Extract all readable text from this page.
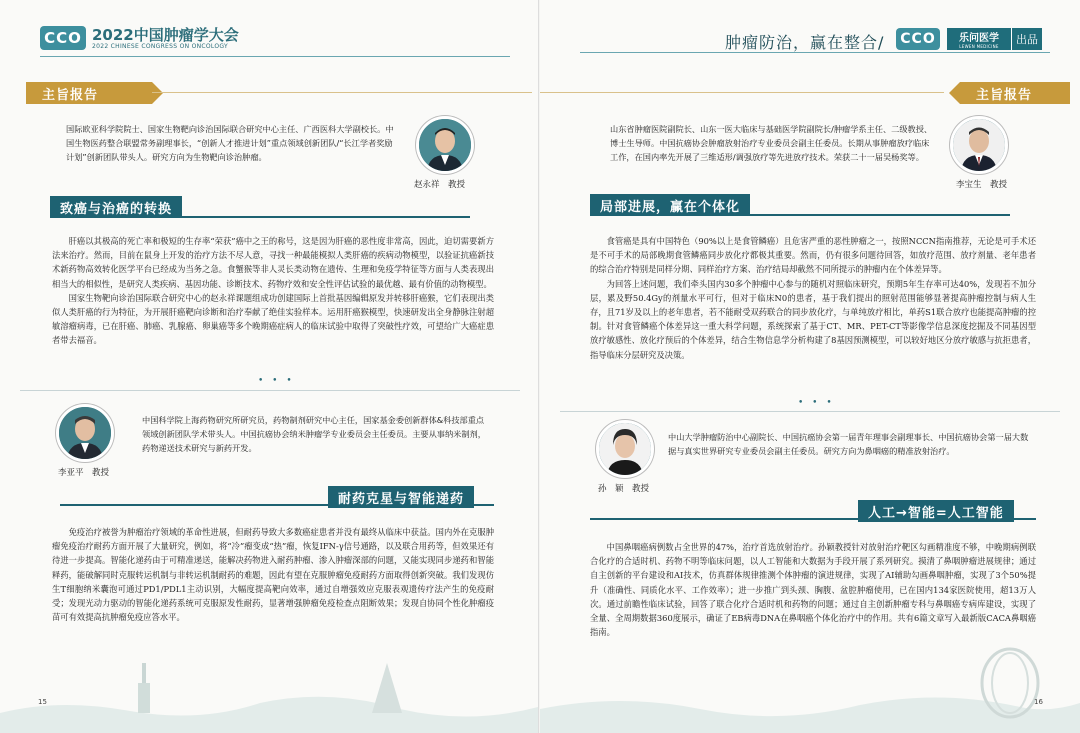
CCO 2022中国肿瘤学大会
2022 CHINESE CONGRESS ON ONCOLOGY
主旨报告
国际欧亚科学院院士、国家生物靶向诊治国际联合研究中心主任、广西医科大学副校长。中国生物医药整合联盟常务副理事长，“创新人才推进计划”重点领域创新团队/“长江学者奖励计划”创新团队带头人。研究方向为生物靶向诊治肿瘤。
赵永祥　教授
致癌与治癌的转换

肝癌以其极高的死亡率和极短的生存率“荣获”癌中之王的称号，这是因为肝癌的恶性度非常高，因此，迫切需要新方法来治疗。然而，目前在鼠身上开发的治疗方法不尽人意，寻找一种最能模拟人类肝癌的疾病动物模型，以验证抗癌新技术新药物高效转化医学平台已经成为当务之急。食蟹猴等非人灵长类动物在遗传、生理和免疫学特征等方面与人类表现出相当大的相似性，是研究人类疾病、基因功能、诊断技术、药物疗效和安全性评估试验的最优越、最有价值的动物模型。

国家生物靶向诊治国际联合研究中心的赵永祥课题组成功创建国际上首批基因编辑原发并转移肝癌猴，它们表现出类似人类肝癌的行为特征，为开展肝癌靶向诊断和治疗奉献了绝佳实验样本。运用肝癌猴模型，快速研发出全身静脉注射超敏溶瘤病毒，已在肝癌、肺癌、乳腺癌、卵巢癌等多个晚期癌症病人的临床试验中取得了突破性疗效，可望给广大癌症患者带去福音。

• • •
李亚平　教授
中国科学院上海药物研究所研究员，药物制剂研究中心主任，国家基金委创新群体&科技部重点领域创新团队学术带头人。中国抗癌协会纳米肿瘤学专业委员会主任委员。主要从事纳米制剂，药物递送技术研究与新药开发。
耐药克星与智能递药

免疫治疗被誉为肿瘤治疗领域的革命性进展，但耐药导致大多数癌症患者并没有最终从临床中获益。国内外在克服肿瘤免疫治疗耐药方面开展了大量研究，例如，将“冷”瘤变成“热”瘤，恢复IFN-γ信号通路，以及联合用药等，但效果还有待进一步提高。智能化递药由于可精准递送，能解决药物进入耐药肿瘤、渗入肿瘤深部的问题，又能实现同步递药和智能释药，能破解同时克服转运机制与非转运机制耐药的难题，因此有望在克服肿瘤免疫耐药方面取得创新突破。我们发现仿生T细胞纳米囊泡可通过PD1/PDL1主动识别，大幅度提高靶向效率，通过自增强效应克服表观遗传疗法产生的免疫耐受；发现光动力驱动的智能化递药系统可克服原发性耐药，显著增强肿瘤免疫检查点阻断效果；发现自协同个性化肿瘤疫苗可有效提高抗肿瘤免疫应答水平。

15
肿瘤防治，赢在整合/	CCO	乐问医学
LEWEN MEDICINE
出品
主旨报告
山东省肿瘤医院副院长、山东一医大临床与基础医学院副院长/肿瘤学系主任、二级教授、博士生导师。中国抗癌协会肿瘤放射治疗专业委员会副主任委员。长期从事肿瘤放疗临床工作，在国内率先开展了三维适形/调强放疗等先进放疗技术。荣获二十一届吴杨奖等。
李宝生　教授
局部进展，赢在个体化

食管癌是具有中国特色（90%以上是食管鳞癌）且危害严重的恶性肿瘤之一，按照NCCN指南推荐，无论是可手术还是不可手术的局部晚期食管鳞癌同步放化疗都极其重要。然而，仍有很多问题待回答，如放疗范围、放疗剂量、老年患者的综合治疗特别是同样分期、同样治疗方案、治疗结局却截然不同所提示的肿瘤内在个体差异等。

为回答上述问题，我们牵头国内30多个肿瘤中心参与的随机对照临床研究，预期5年生存率可达40%，发现若不加分层，累及野50.4Gy的剂量水平可行，但对于临床N0的患者，基于我们提出的照射范围能够显著提高肿瘤控制与病人生存，且71岁及以上的老年患者，若不能耐受双药联合的同步放化疗，与单纯放疗相比，单药S1联合放疗也能提高肿瘤的控制。针对食管鳞癌个体差异这一重大科学问题，系统探索了基于CT、MR、PET-CT等影像学信息深度挖掘及不同基因型放疗敏感性、放化疗预后的个体差异，结合生物信息学分析构建了8基因预测模型，可以较好地区分放疗敏感与抗拒患者，指导临床分层研究及决策。

• • •
孙　颖　教授
中山大学肿瘤防治中心副院长、中国抗癌协会第一届青年理事会副理事长、中国抗癌协会第一届大数据与真实世界研究专业委员会副主任委员。研究方向为鼻咽癌的精准放射治疗。
人工→智能=人工智能

中国鼻咽癌病例数占全世界的47%，治疗首选放射治疗。孙颖教授针对放射治疗靶区勾画精准度不够，中晚期病例联合化疗的合适时机、药物不明等临床问题，以人工智能和大数据为手段开展了系列研究。摸清了鼻咽肿瘤进展规律；通过自主创新的平台建设和AI技术，仿真群体规律推测个体肿瘤的演进规律，实现了AI辅助勾画鼻咽肿瘤，实现了3个50%提升（准确性、同质化水平、工作效率）；进一步推广到头颈、胸腹、盆腔肿瘤使用，已在国内134家医院使用，超13万人次。通过前瞻性临床试验，回答了联合化疗合适时机和药物的问题；通过自主创新肿瘤专科与鼻咽癌专病库建设，实现了全量、全周期数据360度展示，确证了EB病毒DNA在鼻咽癌个体化治疗中的作用。共有6篇文章写入最新版CACA鼻咽癌指南。

16
